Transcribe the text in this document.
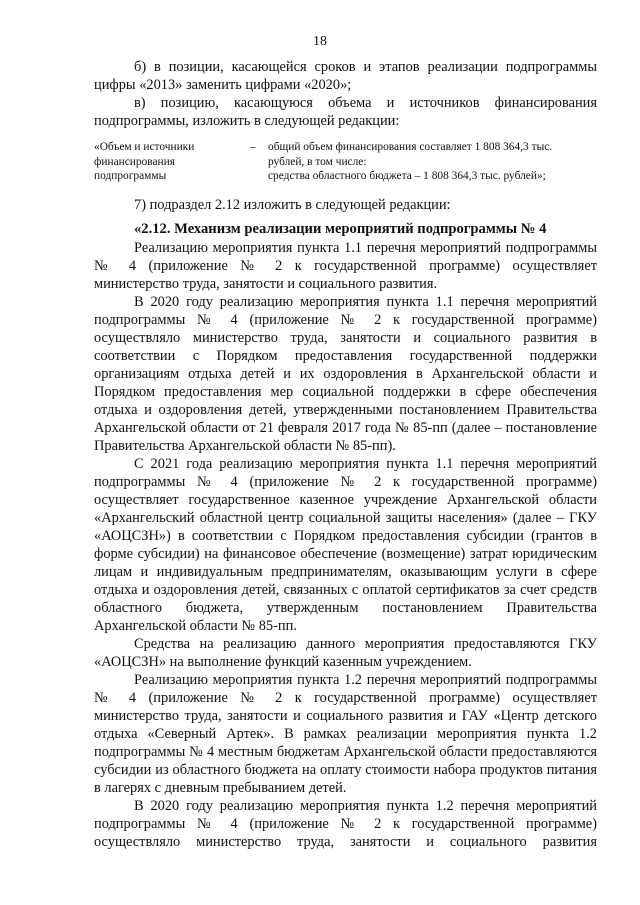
18

б) в позиции, касающейся сроков и этапов реализации подпрограммы цифры «2013» заменить цифрами «2020»;

в) позицию, касающуюся объема и источников финансирования подпрограммы, изложить в следующей редакции:

«Объем и источники
финансирования
подпрограммы
–	общий объем финансирования составляет 1 808 364,3 тыс.
рублей, в том числе:
средства областного бюджета – 1 808 364,3 тыс. рублей»;

7) подраздел 2.12 изложить в следующей редакции:

«2.12. Механизм реализации мероприятий подпрограммы № 4

Реализацию мероприятия пункта 1.1 перечня мероприятий подпрограммы № 4 (приложение № 2 к государственной программе) осуществляет министерство труда, занятости и социального развития.

В 2020 году реализацию мероприятия пункта 1.1 перечня мероприятий подпрограммы № 4 (приложение № 2 к государственной программе) осуществляло министерство труда, занятости и социального развития в соответствии с Порядком предоставления государственной поддержки организациям отдыха детей и их оздоровления в Архангельской области и Порядком предоставления мер социальной поддержки в сфере обеспечения отдыха и оздоровления детей, утвержденными постановлением Правительства Архангельской области от 21 февраля 2017 года № 85-пп (далее – постановление Правительства Архангельской области № 85-пп).

С 2021 года реализацию мероприятия пункта 1.1 перечня мероприятий подпрограммы № 4 (приложение № 2 к государственной программе) осуществляет государственное казенное учреждение Архангельской области «Архангельский областной центр социальной защиты населения» (далее – ГКУ «АОЦСЗН») в соответствии с Порядком предоставления субсидии (грантов в форме субсидии) на финансовое обеспечение (возмещение) затрат юридическим лицам и индивидуальным предпринимателям, оказывающим услуги в сфере отдыха и оздоровления детей, связанных с оплатой сертификатов за счет средств областного бюджета, утвержденным постановлением Правительства Архангельской области № 85-пп.

Средства на реализацию данного мероприятия предоставляются ГКУ «АОЦСЗН» на выполнение функций казенным учреждением.

Реализацию мероприятия пункта 1.2 перечня мероприятий подпрограммы № 4 (приложение № 2 к государственной программе) осуществляет министерство труда, занятости и социального развития и ГАУ «Центр детского отдыха «Северный Артек». В рамках реализации мероприятия пункта 1.2 подпрограммы № 4 местным бюджетам Архангельской области предоставляются субсидии из областного бюджета на оплату стоимости набора продуктов питания в лагерях с дневным пребыванием детей.

В 2020 году реализацию мероприятия пункта 1.2 перечня мероприятий подпрограммы № 4 (приложение № 2 к государственной программе) осуществляло министерство труда, занятости и социального развития
